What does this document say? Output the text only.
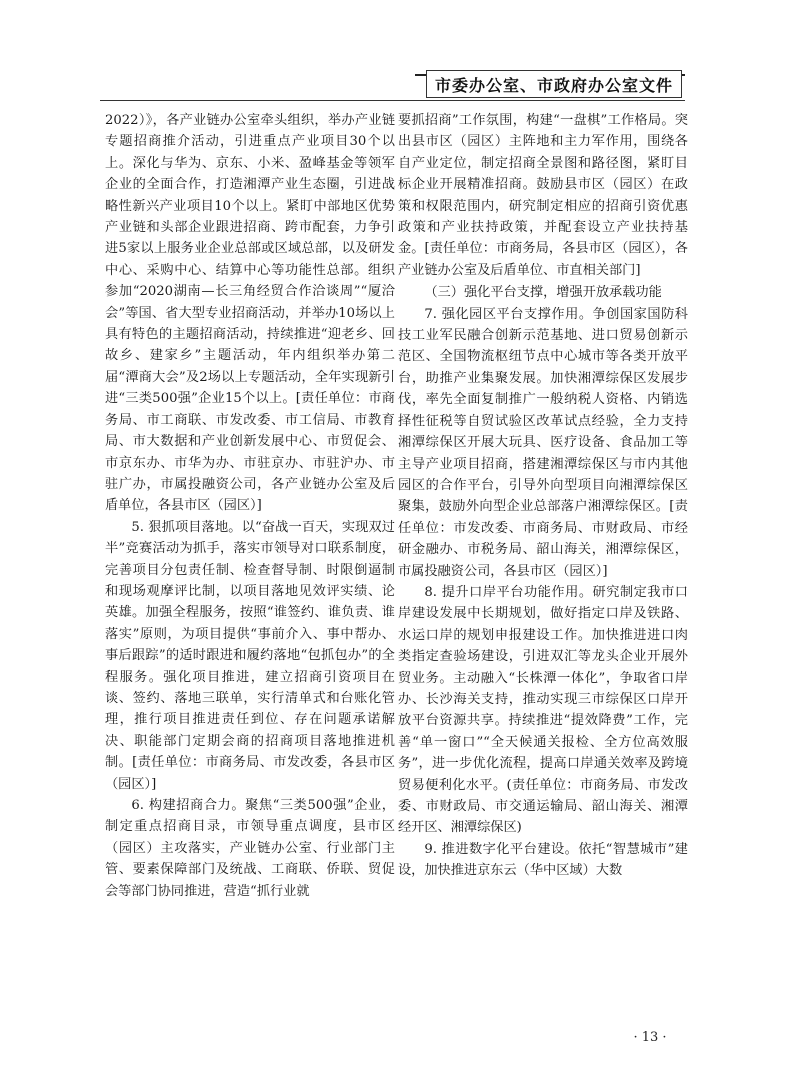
市委办公室、市政府办公室文件

2022）》，各产业链办公室牵头组织，举办产业链专题招商推介活动，引进重点产业项目30个以上。深化与华为、京东、小米、盈峰基金等领军企业的全面合作，打造湘潭产业生态圈，引进战略性新兴产业项目10个以上。紧盯中部地区优势产业链和头部企业跟进招商、跨市配套，力争引进5家以上服务业企业总部或区域总部，以及研发中心、采购中心、结算中心等功能性总部。组织参加“2020湖南—长三角经贸合作洽谈周”“厦洽会”等国、省大型专业招商活动，并举办10场以上具有特色的主题招商活动，持续推进“迎老乡、回故乡、建家乡”主题活动，年内组织举办第二届“潭商大会”及2场以上专题活动，全年实现新引进“三类500强”企业15个以上。[责任单位：市商务局、市工商联、市发改委、市工信局、市教育局、市大数据和产业创新发展中心、市贸促会、市京东办、市华为办、市驻京办、市驻沪办、市驻广办，市属投融资公司，各产业链办公室及后盾单位，各县市区（园区）]

5. 狠抓项目落地。以“奋战一百天，实现双过半”竞赛活动为抓手，落实市领导对口联系制度，完善项目分包责任制、检查督导制、时限倒逼制和现场观摩评比制，以项目落地见效评实绩、论英雄。加强全程服务，按照“谁签约、谁负责、谁落实”原则，为项目提供“事前介入、事中帮办、事后跟踪”的适时跟进和履约落地“包抓包办”的全程服务。强化项目推进，建立招商引资项目在谈、签约、落地三联单，实行清单式和台账化管理，推行项目推进责任到位、存在问题承诺解决、职能部门定期会商的招商项目落地推进机制。[责任单位：市商务局、市发改委，各县市区（园区）]

6. 构建招商合力。聚焦“三类500强”企业，制定重点招商目录，市领导重点调度，县市区（园区）主攻落实，产业链办公室、行业部门主管、要素保障部门及统战、工商联、侨联、贸促会等部门协同推进，营造“抓行业就

要抓招商”工作氛围，构建“一盘棋”工作格局。突出县市区（园区）主阵地和主力军作用，围绕各自产业定位，制定招商全景图和路径图，紧盯目标企业开展精准招商。鼓励县市区（园区）在政策和权限范围内，研究制定相应的招商引资优惠政策和产业扶持政策，并配套设立产业扶持基金。[责任单位：市商务局，各县市区（园区），各产业链办公室及后盾单位、市直相关部门]

（三）强化平台支撑，增强开放承载功能

7. 强化园区平台支撑作用。争创国家国防科技工业军民融合创新示范基地、进口贸易创新示范区、全国物流枢纽节点中心城市等各类开放平台，助推产业集聚发展。加快湘潭综保区发展步伐，率先全面复制推广一般纳税人资格、内销选择性征税等自贸试验区改革试点经验，全力支持湘潭综保区开展大玩具、医疗设备、食品加工等主导产业项目招商，搭建湘潭综保区与市内其他园区的合作平台，引导外向型项目向湘潭综保区聚集，鼓励外向型企业总部落户湘潭综保区。[责任单位：市发改委、市商务局、市财政局、市经研金融办、市税务局、韶山海关，湘潭综保区，市属投融资公司，各县市区（园区）]

8. 提升口岸平台功能作用。研究制定我市口岸建设发展中长期规划，做好指定口岸及铁路、水运口岸的规划申报建设工作。加快推进进口肉类指定查验场建设，引进双汇等龙头企业开展外贸业务。主动融入“长株潭一体化”，争取省口岸办、长沙海关支持，推动实现三市综保区口岸开放平台资源共享。持续推进“提效降费”工作，完善“单一窗口”“全天候通关报检、全方位高效服务”，进一步优化流程，提高口岸通关效率及跨境贸易便利化水平。(责任单位：市商务局、市发改委、市财政局、市交通运输局、韶山海关、湘潭经开区、湘潭综保区)

9. 推进数字化平台建设。依托“智慧城市”建设，加快推进京东云（华中区域）大数

· 13 ·
